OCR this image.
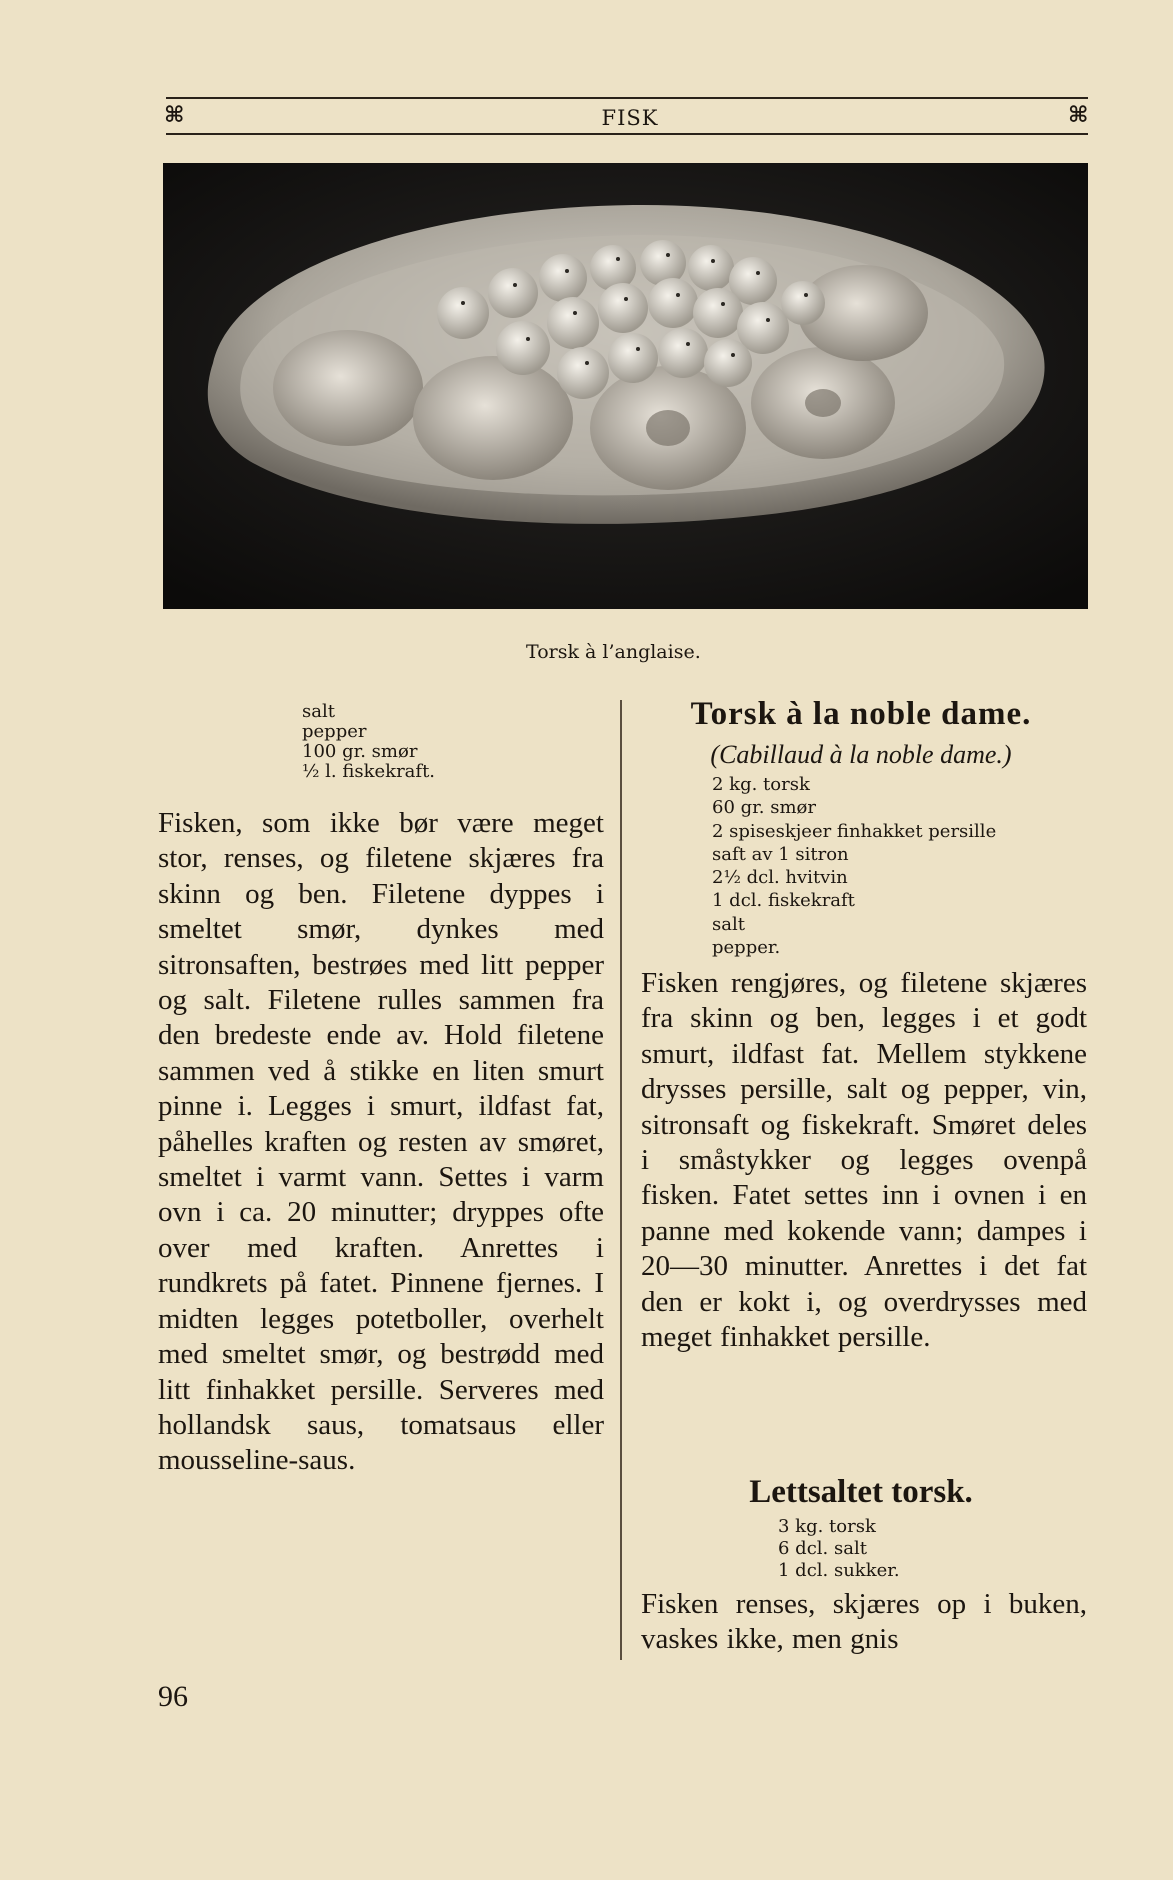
⌘	FISK	⌘
Torsk à l’anglaise.
salt
pepper
100 gr. smør
½ l. fiskekraft.
Fisken, som ikke bør være meget stor, renses, og filetene skjæres fra skinn og ben. Filetene dyppes i smeltet smør, dynkes med sitronsaften, bestrøes med litt pepper og salt. Filetene rulles sammen fra den bredeste ende av. Hold filetene sammen ved å stikke en liten smurt pinne i. Legges i smurt, ildfast fat, påhelles kraften og resten av smøret, smeltet i varmt vann. Settes i varm ovn i ca. 20 minutter; dryppes ofte over med kraften. Anrettes i rundkrets på fatet. Pinnene fjernes. I midten legges potetboller, overhelt med smeltet smør, og bestrødd med litt finhakket persille. Serveres med hollandsk saus, tomatsaus eller mousseline-saus.
Torsk à la noble dame.
(Cabillaud à la noble dame.)
2 kg. torsk
60 gr. smør
2 spiseskjeer finhakket persille
saft av 1 sitron
2½ dcl. hvitvin
1 dcl. fiskekraft
salt
pepper.
Fisken rengjøres, og filetene skjæres fra skinn og ben, legges i et godt smurt, ildfast fat. Mellem stykkene drysses persille, salt og pepper, vin, sitronsaft og fiskekraft. Smøret deles i småstykker og legges ovenpå fisken. Fatet settes inn i ovnen i en panne med kokende vann; dampes i 20—30 minutter. Anrettes i det fat den er kokt i, og overdrysses med meget finhakket persille.
Lettsaltet torsk.
3 kg. torsk
6 dcl. salt
1 dcl. sukker.
Fisken renses, skjæres op i buken, vaskes ikke, men gnis
96
